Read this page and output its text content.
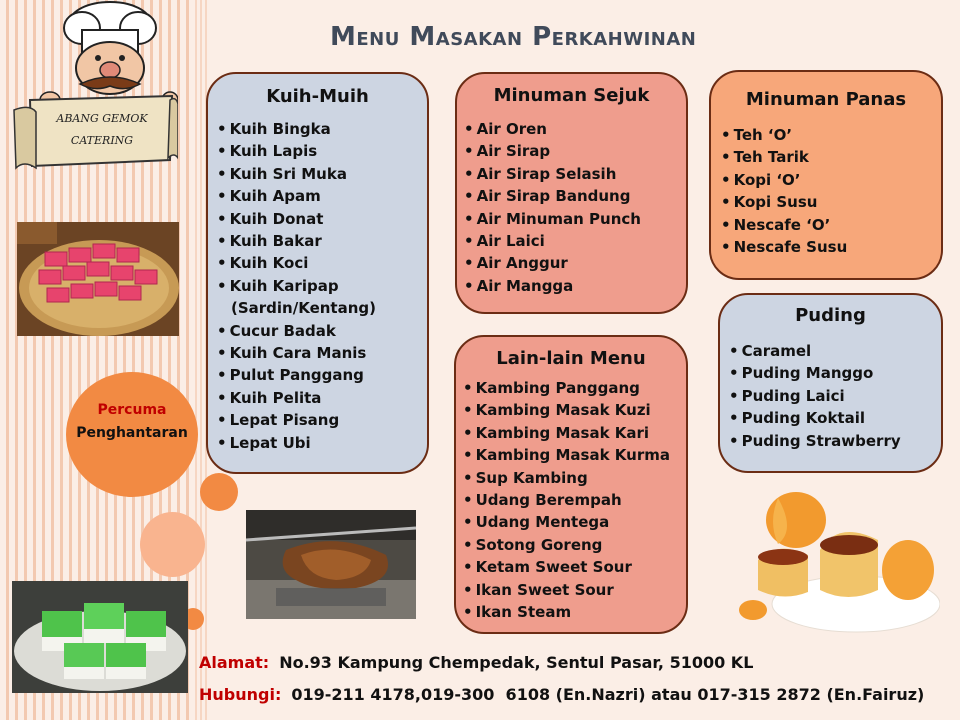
ABANG GEMOK
CATERING
Menu Masakan Perkahwinan
Percuma
Penghantaran
Kuih-Muih
• Kuih Bingka
• Kuih Lapis
• Kuih Sri Muka
• Kuih Apam
• Kuih Donat
• Kuih Bakar
• Kuih Koci
• Kuih Karipap
(Sardin/Kentang)
• Cucur Badak
• Kuih Cara Manis
• Pulut Panggang
• Kuih Pelita
• Lepat Pisang
• Lepat Ubi
Minuman Sejuk
• Air Oren
• Air Sirap
• Air Sirap Selasih
• Air Sirap Bandung
• Air Minuman Punch
• Air Laici
• Air Anggur
• Air Mangga
Minuman Panas
• Teh ‘O’
• Teh Tarik
• Kopi ‘O’
• Kopi Susu
• Nescafe ‘O’
• Nescafe Susu
Lain-lain Menu
• Kambing Panggang
• Kambing Masak Kuzi
• Kambing Masak Kari
• Kambing Masak Kurma
• Sup Kambing
• Udang Berempah
• Udang Mentega
• Sotong Goreng
• Ketam Sweet Sour
• Ikan Sweet Sour
• Ikan Steam
Puding
• Caramel
• Puding Manggo
• Puding Laici
• Puding Koktail
• Puding Strawberry
Alamat: No.93 Kampung Chempedak, Sentul Pasar, 51000 KL
Hubungi: 019-211 4178,019-300  6108 (En.Nazri) atau 017-315 2872 (En.Fairuz)
